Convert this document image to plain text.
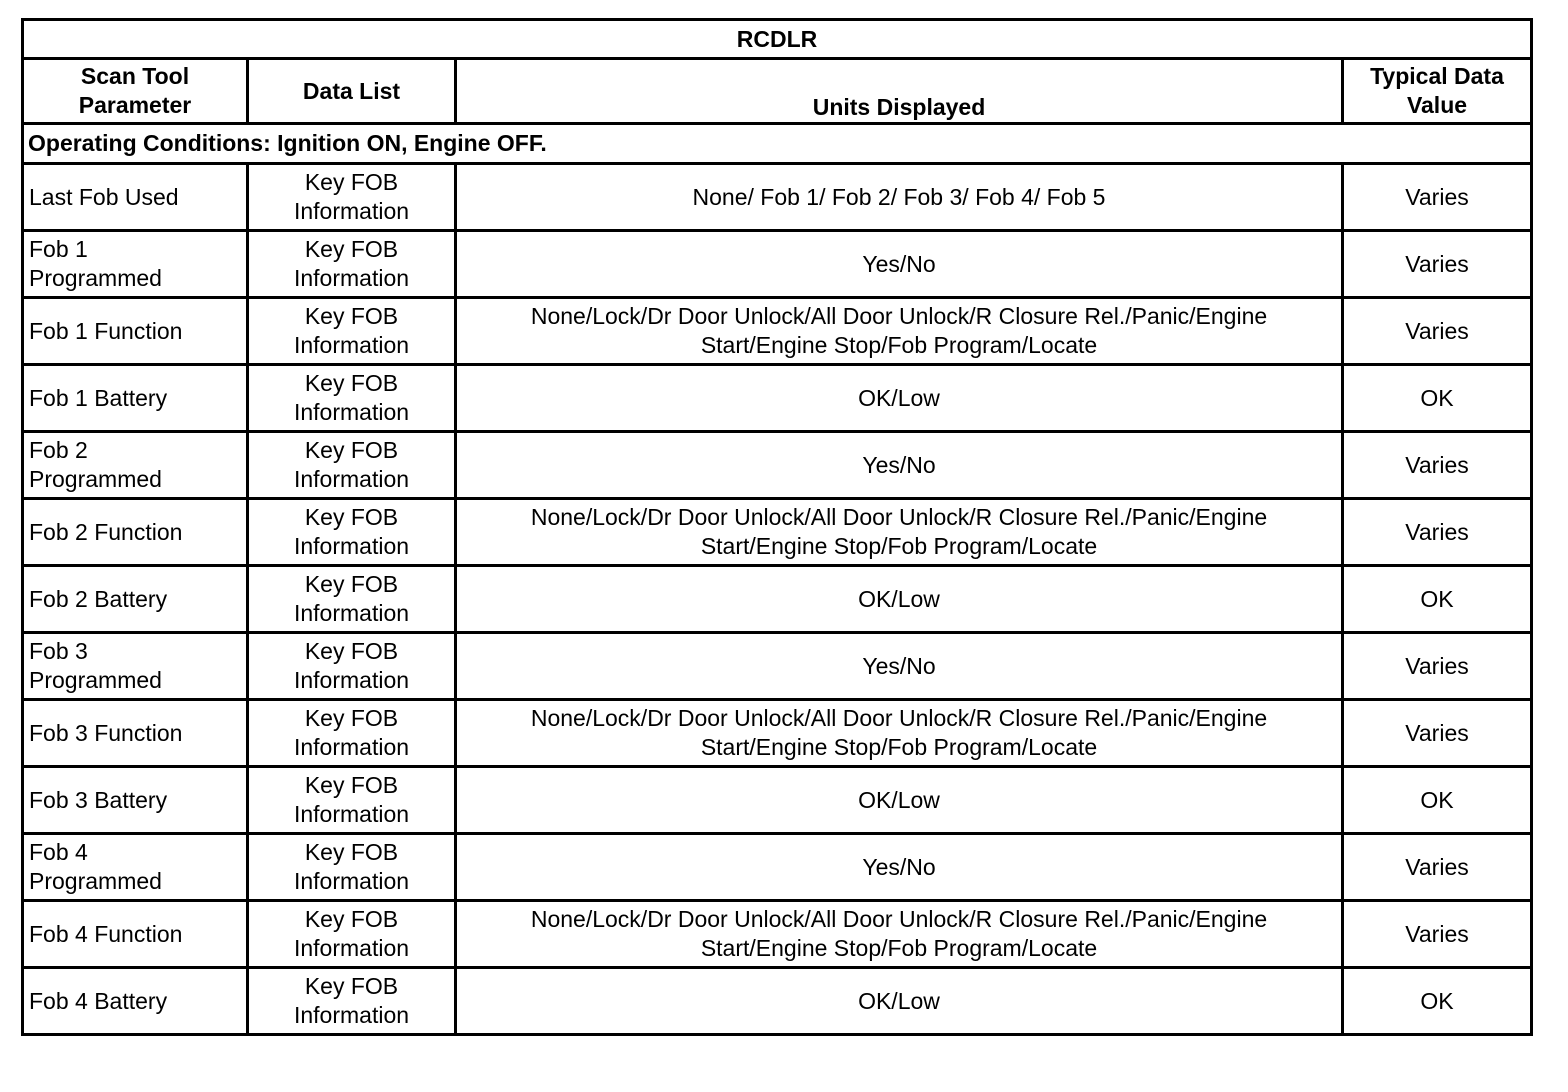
RCDLR			

Scan Tool
Parameter	Data List	Units Displayed	Typical Data
Value

Operating Conditions: Ignition ON, Engine OFF.			

Last Fob Used	Key FOB
Information	None/ Fob 1/ Fob 2/ Fob 3/ Fob 4/ Fob 5	Varies

Fob 1
Programmed	Key FOB
Information	Yes/No	Varies

Fob 1 Function	Key FOB
Information	None/Lock/Dr Door Unlock/All Door Unlock/R Closure Rel./Panic/Engine
Start/Engine Stop/Fob Program/Locate	Varies

Fob 1 Battery	Key FOB
Information	OK/Low	OK

Fob 2
Programmed	Key FOB
Information	Yes/No	Varies

Fob 2 Function	Key FOB
Information	None/Lock/Dr Door Unlock/All Door Unlock/R Closure Rel./Panic/Engine
Start/Engine Stop/Fob Program/Locate	Varies

Fob 2 Battery	Key FOB
Information	OK/Low	OK

Fob 3
Programmed	Key FOB
Information	Yes/No	Varies

Fob 3 Function	Key FOB
Information	None/Lock/Dr Door Unlock/All Door Unlock/R Closure Rel./Panic/Engine
Start/Engine Stop/Fob Program/Locate	Varies

Fob 3 Battery	Key FOB
Information	OK/Low	OK

Fob 4
Programmed	Key FOB
Information	Yes/No	Varies

Fob 4 Function	Key FOB
Information	None/Lock/Dr Door Unlock/All Door Unlock/R Closure Rel./Panic/Engine
Start/Engine Stop/Fob Program/Locate	Varies

Fob 4 Battery	Key FOB
Information	OK/Low	OK
